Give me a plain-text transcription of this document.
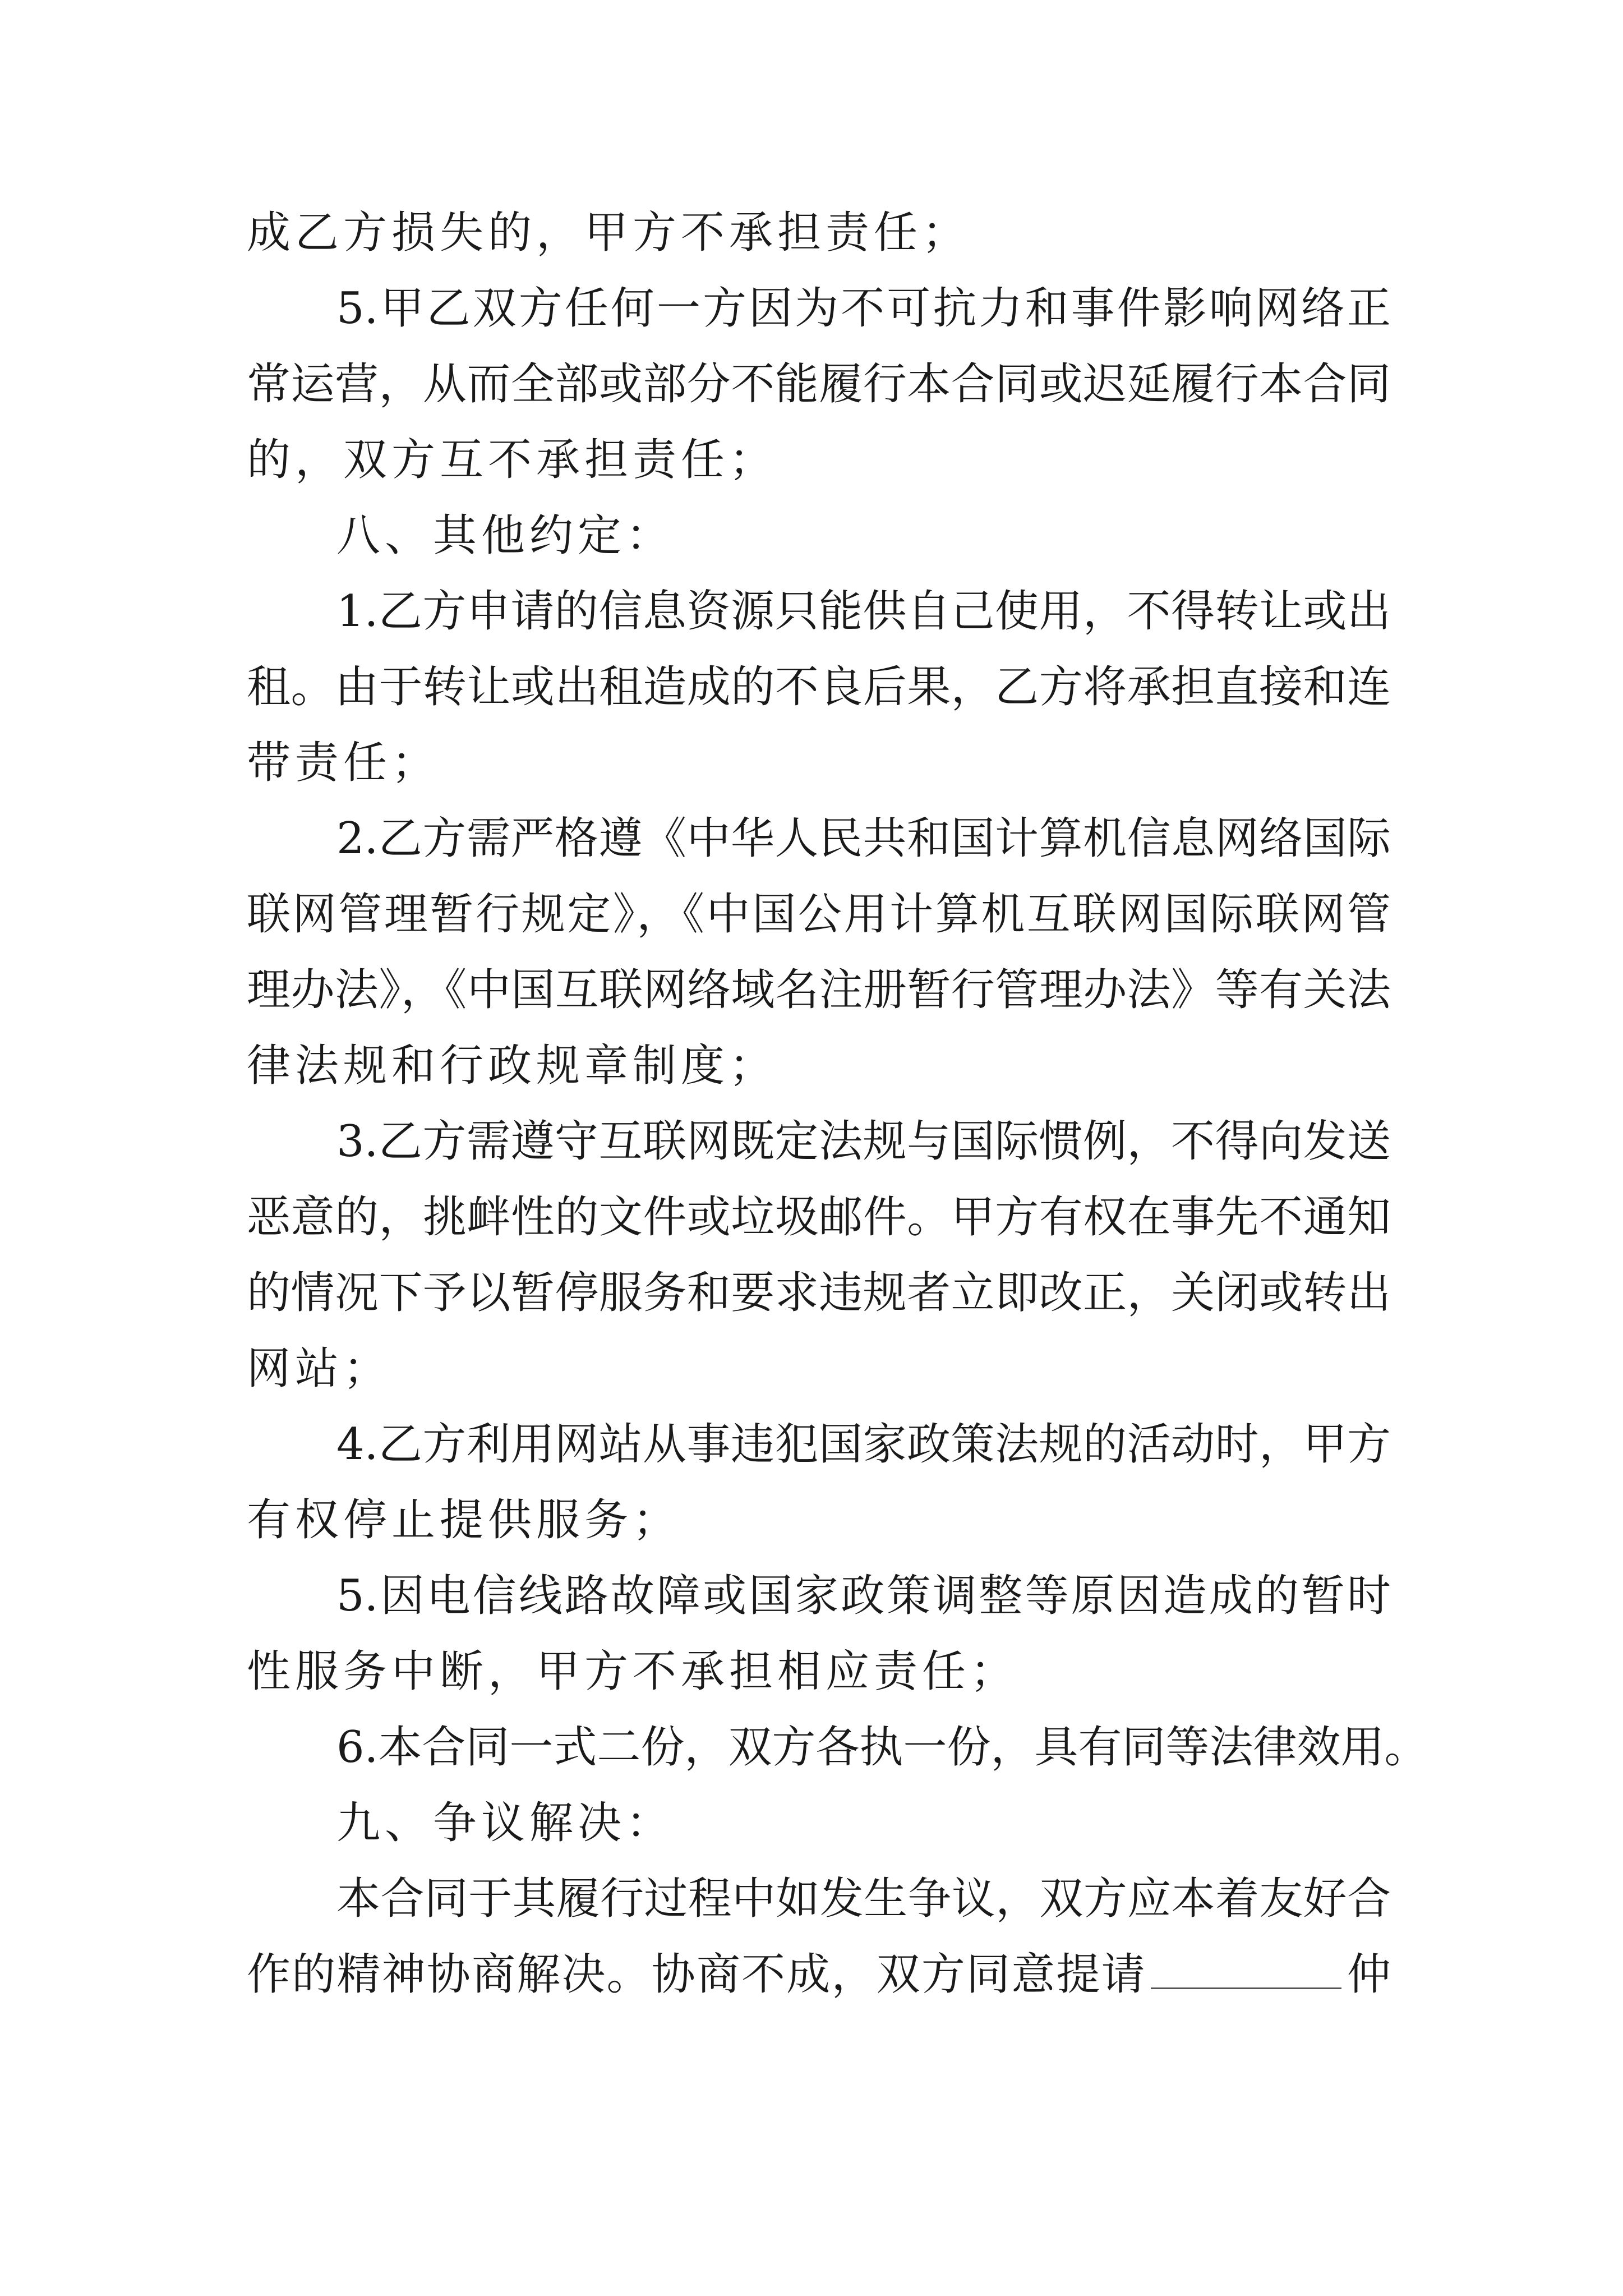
成乙方损失的，甲方不承担责任；
5.甲乙双方任何一方因为不可抗力和事件影响网络正
常运营，从而全部或部分不能履行本合同或迟延履行本合同
的，双方互不承担责任；
八、其他约定：
1.乙方申请的信息资源只能供自己使用，不得转让或出
租。由于转让或出租造成的不良后果，乙方将承担直接和连
带责任；
2.乙方需严格遵《中华人民共和国计算机信息网络国际
联网管理暂行规定》，《中国公用计算机互联网国际联网管
理办法》，《中国互联网络域名注册暂行管理办法》等有关法
律法规和行政规章制度；
3.乙方需遵守互联网既定法规与国际惯例，不得向发送
恶意的，挑衅性的文件或垃圾邮件。甲方有权在事先不通知
的情况下予以暂停服务和要求违规者立即改正，关闭或转出
网站；
4.乙方利用网站从事违犯国家政策法规的活动时，甲方
有权停止提供服务；
5.因电信线路故障或国家政策调整等原因造成的暂时
性服务中断，甲方不承担相应责任；
6.本合同一式二份，双方各执一份，具有同等法律效用。
九、争议解决：
本合同于其履行过程中如发生争议，双方应本着友好合
作的精神协商解决。协商不成，双方同意提请	仲
